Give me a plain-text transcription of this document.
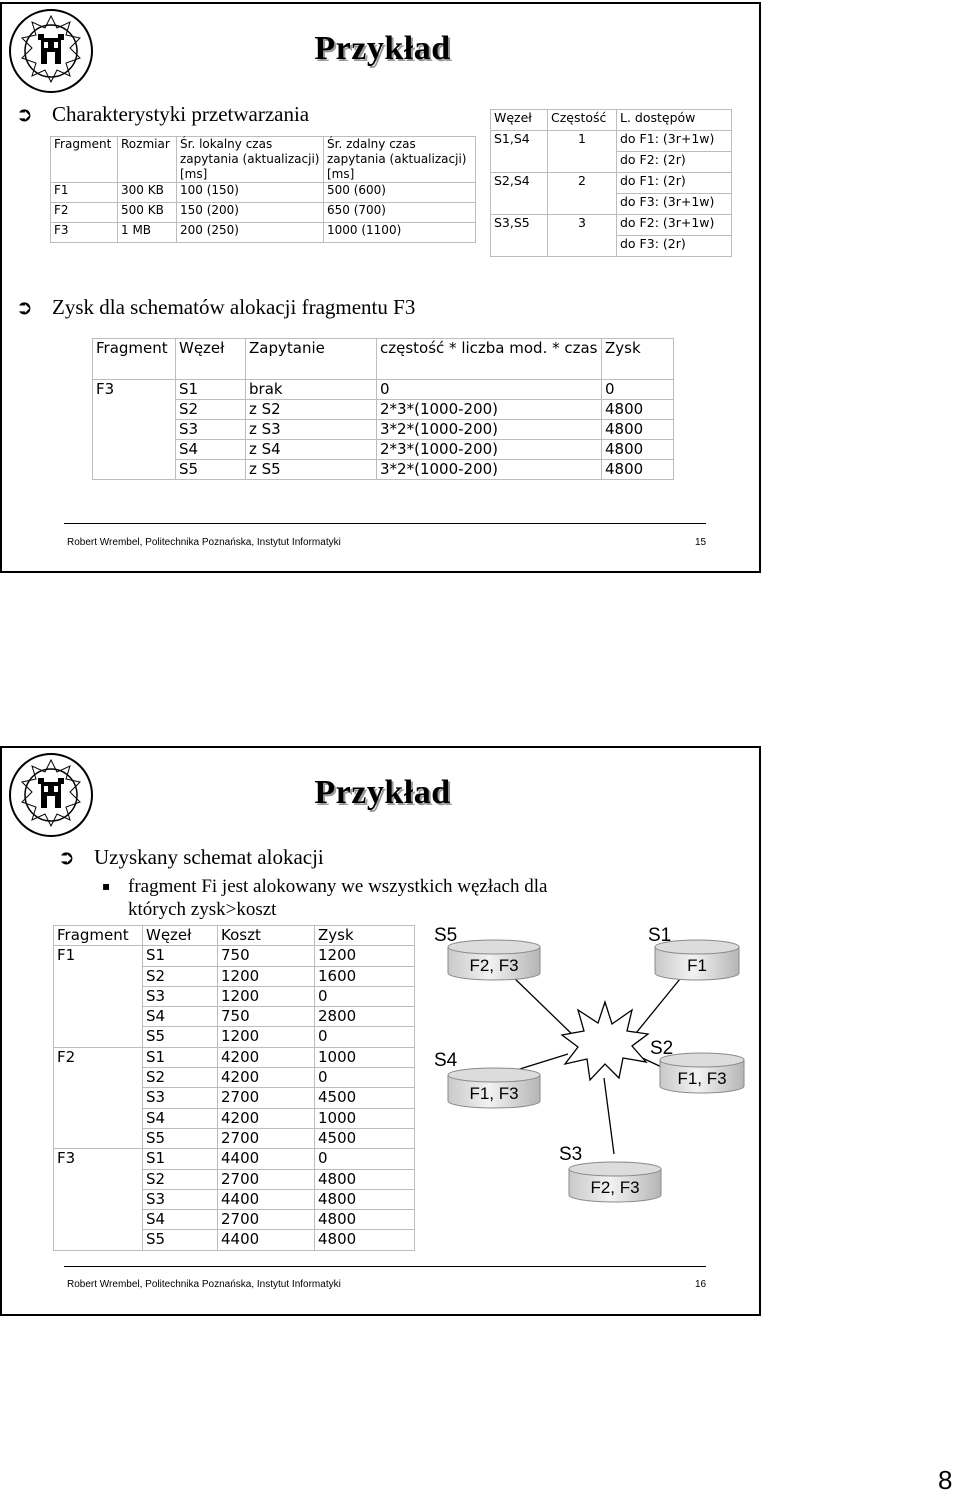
Przykład
➲ Charakterystyki przetwarzania
Fragment	Rozmiar	Śr. lokalny czas zapytania (aktualizacji) [ms]	Śr. zdalny czas zapytania (aktualizacji) [ms]
F1	300 KB	100 (150)	500 (600)
F2	500 KB	150 (200)	650 (700)
F3	1 MB	200 (250)	1000 (1100)
Węzeł	Częstość	L. dostępów
S1,S4	1	do F1: (3r+1w)
		do F2: (2r)
S2,S4	2	do F1: (2r)
		do F3: (3r+1w)
S3,S5	3	do F2: (3r+1w)
		do F3: (2r)
➲ Zysk dla schematów alokacji fragmentu F3
Fragment	Węzeł	Zapytanie	częstość * liczba mod. * czas	Zysk
F3	S1	brak	0	0
	S2	z S2	2*3*(1000-200)	4800
	S3	z S3	3*2*(1000-200)	4800
	S4	z S4	2*3*(1000-200)	4800
	S5	z S5	3*2*(1000-200)	4800
Robert Wrembel, Politechnika Poznańska, Instytut Informatyki	15
Przykład
➲ Uzyskany schemat alokacji
▪ fragment Fi jest alokowany we wszystkich węzłach dla
których zysk>koszt
Fragment	Węzeł	Koszt	Zysk
F1	S1	750	1200
	S2	1200	1600
	S3	1200	0
	S4	750	2800
	S5	1200	0
F2	S1	4200	1000
	S2	4200	0
	S3	2700	4500
	S4	4200	1000
	S5	2700	4500
F3	S1	4400	0
	S2	2700	4800
	S3	4400	4800
	S4	2700	4800
	S5	4400	4800
F2, F3
S5
F1
S1
F1, F3
S4
F1, F3
S2
F2, F3
S3
Robert Wrembel, Politechnika Poznańska, Instytut Informatyki	16
8
